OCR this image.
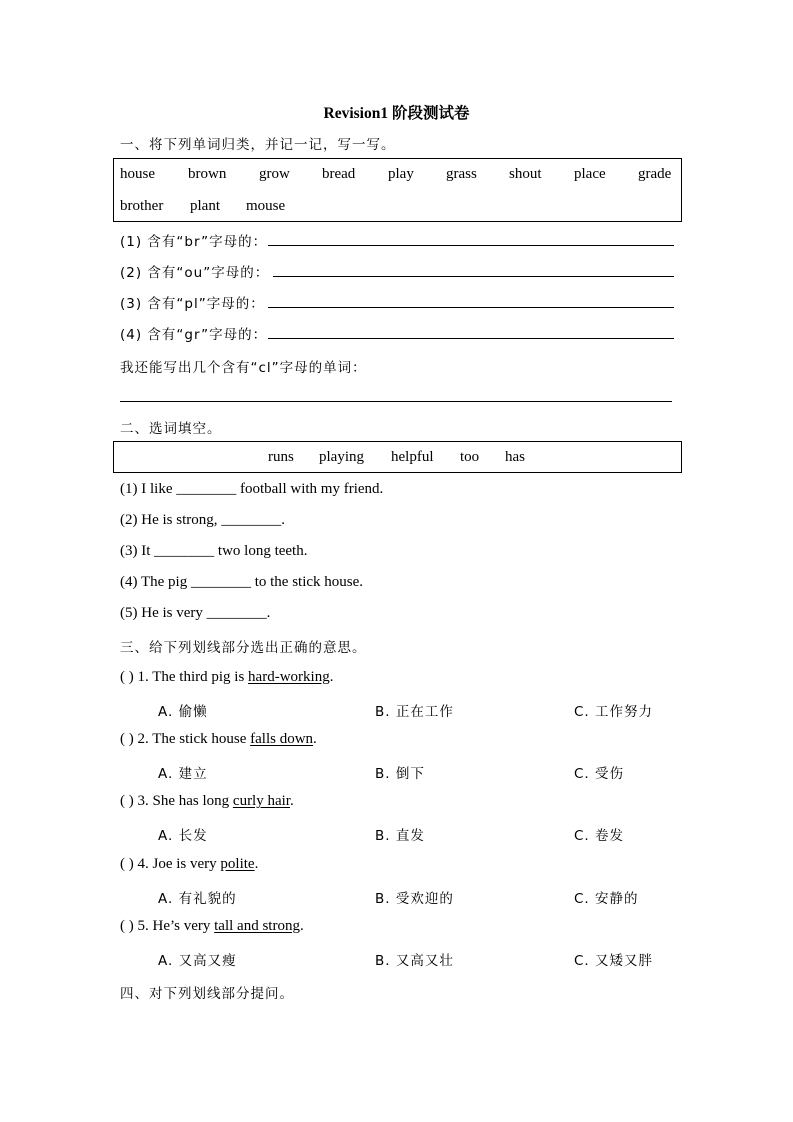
Revision1 阶段测试卷
一、将下列单词归类，并记一记，写一写。
house brown grow bread play grass shout place grade
brother plant mouse
(1) 含有“br”字母的：
(2) 含有“ou”字母的：
(3) 含有“pl”字母的：
(4) 含有“gr”字母的：
我还能写出几个含有“cl”字母的单词：
二、选词填空。
runs playing helpful too has
(1) I like ________ football with my friend.
(2) He is strong, ________.
(3) It ________ two long teeth.
(4) The pig ________ to the stick house.
(5) He is very ________.
三、给下列划线部分选出正确的意思。
( ) 1. The third pig is hard-working.
A. 偷懒	B. 正在工作	C. 工作努力
( ) 2. The stick house falls down.
A. 建立	B. 倒下	C. 受伤
( ) 3. She has long curly hair.
A. 长发	B. 直发	C. 卷发
( ) 4. Joe is very polite.
A. 有礼貌的	B. 受欢迎的	C. 安静的
( ) 5. He’s very tall and strong.
A. 又高又瘦	B. 又高又壮	C. 又矮又胖
四、对下列划线部分提问。
